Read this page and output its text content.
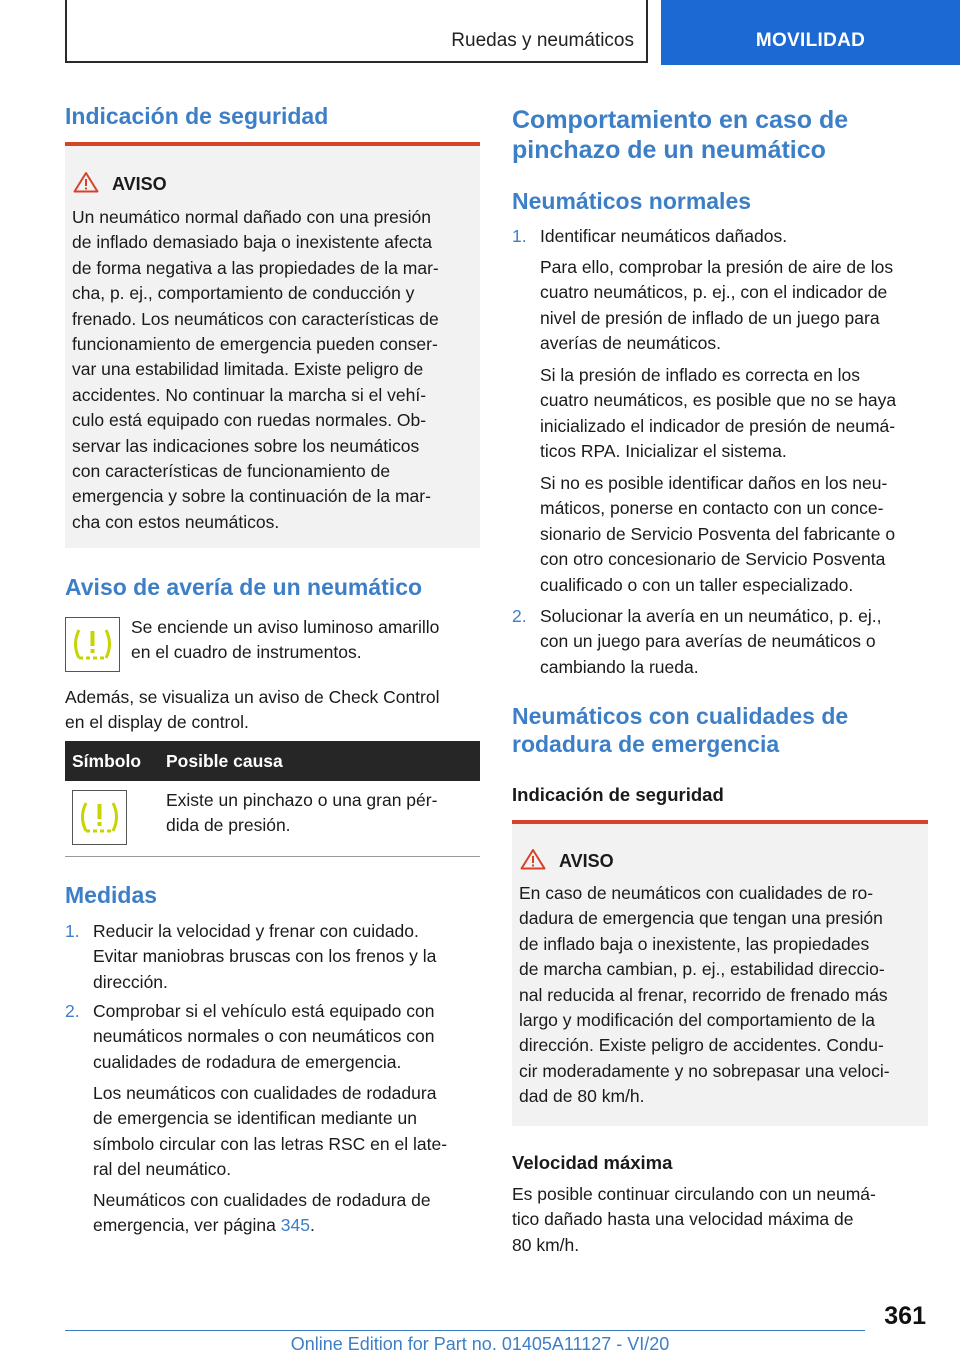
Ruedas y neumáticos	MOVILIDAD
Indicación de seguridad
AVISO
Un neumático normal dañado con una presión
de inflado demasiado baja o inexistente afecta
de forma negativa a las propiedades de la mar-
cha, p. ej., comportamiento de conducción y
frenado. Los neumáticos con características de
funcionamiento de emergencia pueden conser-
var una estabilidad limitada. Existe peligro de
accidentes. No continuar la marcha si el vehí-
culo está equipado con ruedas normales. Ob-
servar las indicaciones sobre los neumáticos
con características de funcionamiento de
emergencia y sobre la continuación de la mar-
cha con estos neumáticos.
Aviso de avería de un neumático
Se enciende un aviso luminoso amarillo
en el cuadro de instrumentos.
Además, se visualiza un aviso de Check Control
en el display de control.
Símbolo Posible causa
Existe un pinchazo o una gran pér-
dida de presión.
Medidas
1. Reducir la velocidad y frenar con cuidado.
Evitar maniobras bruscas con los frenos y la
dirección.
2. Comprobar si el vehículo está equipado con
neumáticos normales o con neumáticos con
cualidades de rodadura de emergencia.
Los neumáticos con cualidades de rodadura
de emergencia se identifican mediante un
símbolo circular con las letras RSC en el late-
ral del neumático.
Neumáticos con cualidades de rodadura de
emergencia, ver página 345.
Comportamiento en caso de
pinchazo de un neumático
Neumáticos normales
1. Identificar neumáticos dañados.
Para ello, comprobar la presión de aire de los
cuatro neumáticos, p. ej., con el indicador de
nivel de presión de inflado de un juego para
averías de neumáticos.
Si la presión de inflado es correcta en los
cuatro neumáticos, es posible que no se haya
inicializado el indicador de presión de neumá-
ticos RPA. Inicializar el sistema.
Si no es posible identificar daños en los neu-
máticos, ponerse en contacto con un conce-
sionario de Servicio Posventa del fabricante o
con otro concesionario de Servicio Posventa
cualificado o con un taller especializado.
2. Solucionar la avería en un neumático, p. ej.,
con un juego para averías de neumáticos o
cambiando la rueda.
Neumáticos con cualidades de
rodadura de emergencia
Indicación de seguridad
AVISO
En caso de neumáticos con cualidades de ro-
dadura de emergencia que tengan una presión
de inflado baja o inexistente, las propiedades
de marcha cambian, p. ej., estabilidad direccio-
nal reducida al frenar, recorrido de frenado más
largo y modificación del comportamiento de la
dirección. Existe peligro de accidentes. Condu-
cir moderadamente y no sobrepasar una veloci-
dad de 80 km/h.
Velocidad máxima
Es posible continuar circulando con un neumá-
tico dañado hasta una velocidad máxima de
80 km/h.
361
Online Edition for Part no. 01405A11127 - VI/20
